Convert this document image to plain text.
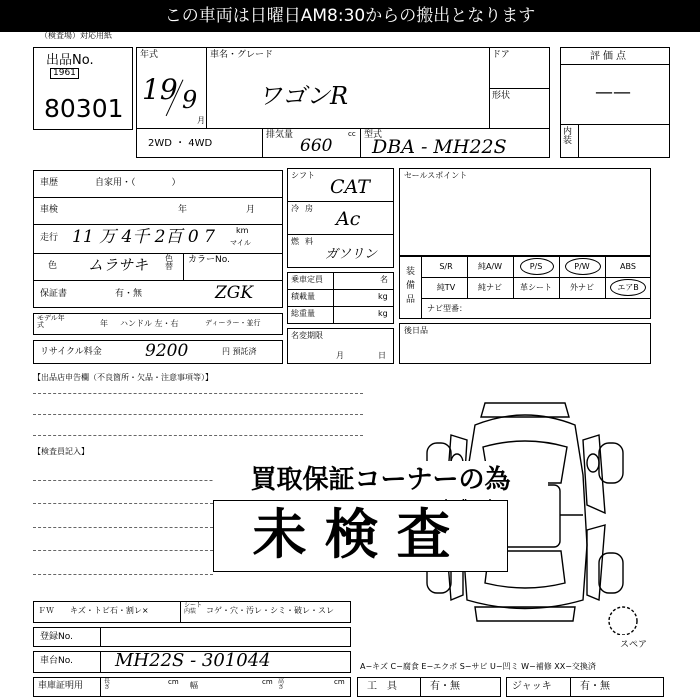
この車両は日曜日AM8:30からの搬出となります
（検査場）対応用紙
出品No.
1961
80301
年式
19 9
月
車名・グレード
ワゴンR
ドア
形状
2WD ・ 4WD
排気量
660
cc 型式
DBA - MH22S
評価点
——
内装
車歴	自家用・（　　　　）
車検	年	月
走行 11 万 4千 2百 0 7	km
マイル
色 ムラサキ 色替
カラーNo.
保証書	有・無	ZGK
モデル年式	年 ハンドル 左・右	ディーラー・並行
リサイクル料金	9200	円 預託済
シフト
CAT
冷房 Ac
燃料
ガソリン
乗車定員	名
積載量	kg
総重量	kg
名変期限
月	日
セールスポイント
装備品
S/R	純A/W	P/S	P/W	ABS
純TV	純ナビ	革シート	外ナビ	エアB
ナビ型番：
後日品
【出品店申告欄（不良箇所・欠品・注意事項等）】
【検査員記入】
スペア
買取保証コーナーの為
未検査
ＦＷ キズ・トビ石・割レ×
シート内装	コゲ・穴・汚レ・シミ・破レ・スレ
登録No.
車台No. MH22S - 301044	A−キズ C−腐食 E−エクボ S−サビ U−凹ミ W−補修 XX−交換済
車庫証明用	長さ
cm 幅	cm 高さ
cm 工　具	有・無	ジャッキ	有・無
